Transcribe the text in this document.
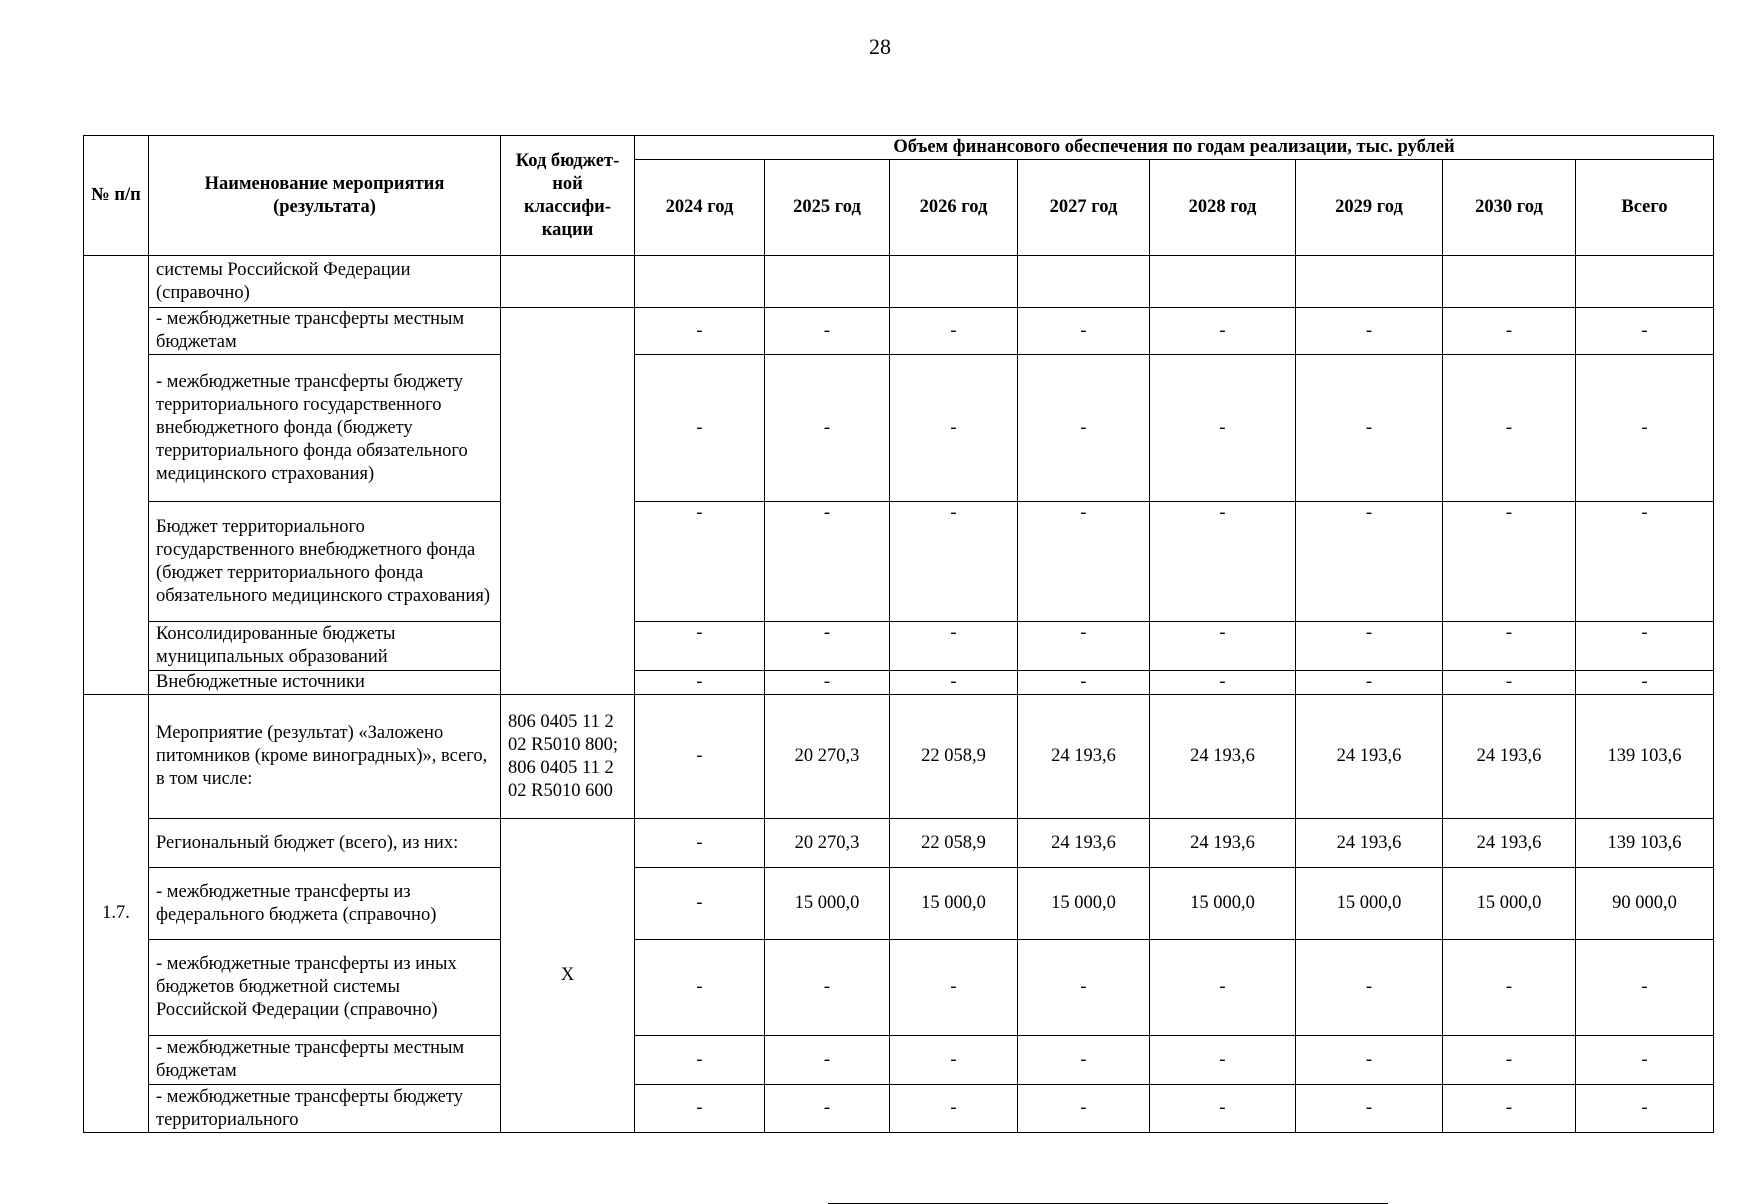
28
№ п/п	Наименование мероприятия (результата)	Код бюджет-ной классифи-кации	Объем финансового обеспечения по годам реализации, тыс. рублей							
			2024 год	2025 год	2026 год	2027 год	2028 год	2029 год	2030 год	Всего
	системы Российской Федерации (справочно)									
	- межбюджетные трансферты местным бюджетам		-	-	-	-	-	-	-	-
	- межбюджетные трансферты бюджету территориального государственного внебюджетного фонда (бюджету территориального фонда обязательного медицинского страхования)		-	-	-	-	-	-	-	-
	Бюджет территориального государственного внебюджетного фонда (бюджет территориального фонда обязательного медицинского страхования)		-	-	-	-	-	-	-	-
	Консолидированные бюджеты муниципальных образований		-	-	-	-	-	-	-	-
	Внебюджетные источники		-	-	-	-	-	-	-	-
1.7.	Мероприятие (результат) «Заложено питомников (кроме виноградных)», всего, в том числе:	806 0405 11 2 02 R5010 800; 806 0405 11 2 02 R5010 600	-	20 270,3	22 058,9	24 193,6	24 193,6	24 193,6	24 193,6	139 103,6
	Региональный бюджет (всего), из них:	X	-	20 270,3	22 058,9	24 193,6	24 193,6	24 193,6	24 193,6	139 103,6
	- межбюджетные трансферты из федерального бюджета (справочно)		-	15 000,0	15 000,0	15 000,0	15 000,0	15 000,0	15 000,0	90 000,0
	- межбюджетные трансферты из иных бюджетов бюджетной системы Российской Федерации (справочно)		-	-	-	-	-	-	-	-
	- межбюджетные трансферты местным бюджетам		-	-	-	-	-	-	-	-
	- межбюджетные трансферты бюджету территориального		-	-	-	-	-	-	-	-
